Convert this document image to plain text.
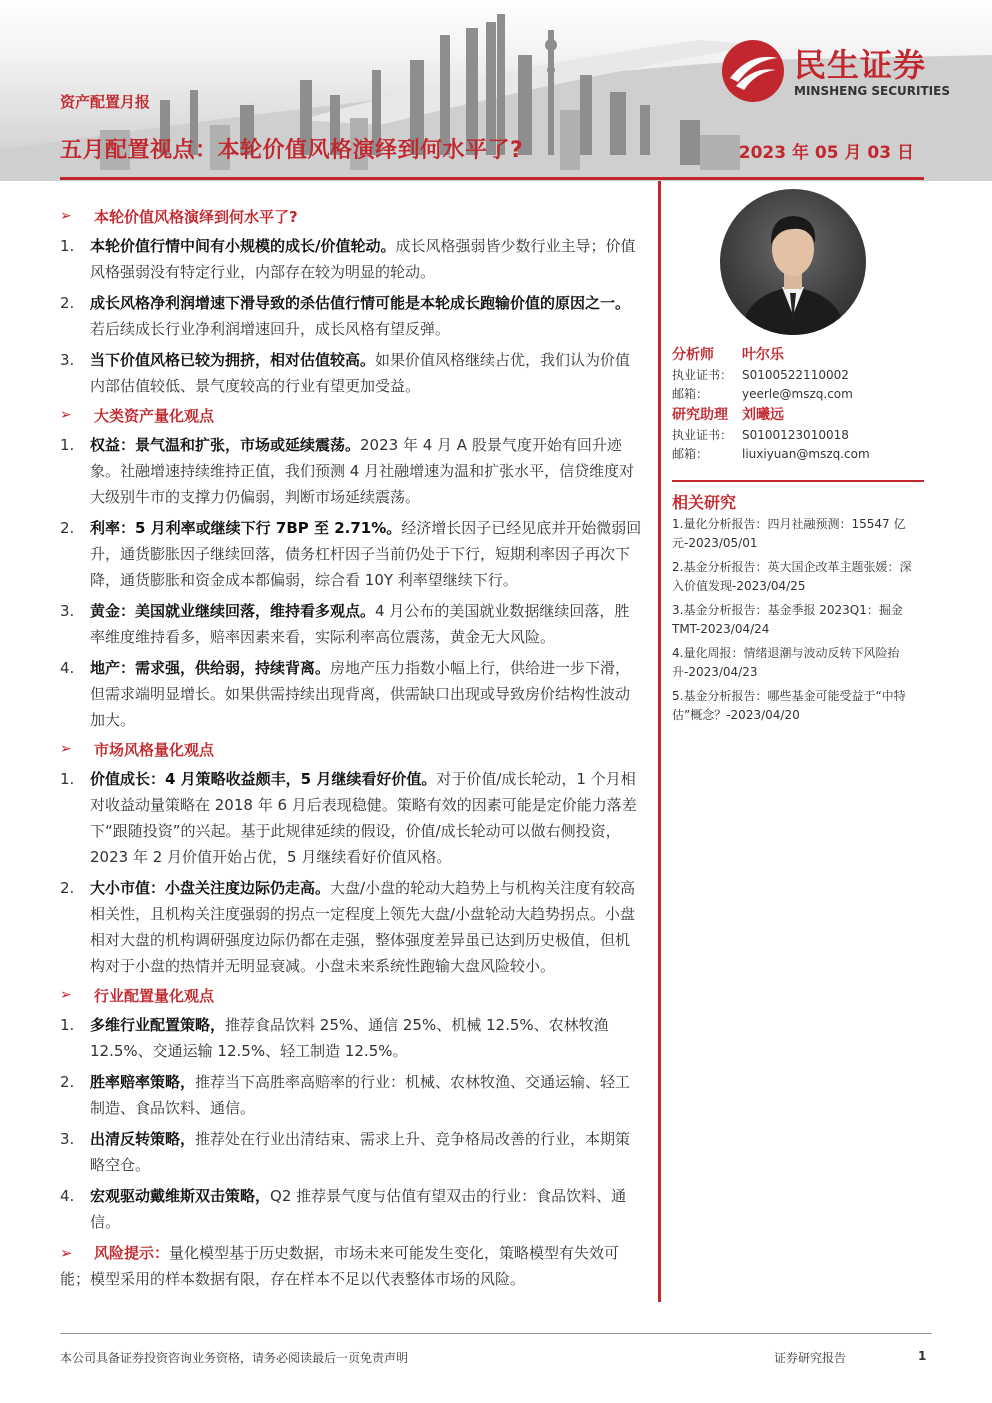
资产配置月报
五月配置视点：本轮价值风格演绎到何水平了?	2023 年 05 月 03 日
民生证券
MINSHENG SECURITIES
➢	本轮价值风格演绎到何水平了?
1.	本轮价值行情中间有小规模的成长/价值轮动。成长风格强弱皆少数行业主导；价值风格强弱没有特定行业，内部存在较为明显的轮动。
2.	成长风格净利润增速下滑导致的杀估值行情可能是本轮成长跑输价值的原因之一。若后续成长行业净利润增速回升，成长风格有望反弹。
3.	当下价值风格已较为拥挤，相对估值较高。如果价值风格继续占优，我们认为价值内部估值较低、景气度较高的行业有望更加受益。
➢	大类资产量化观点
1.	权益：景气温和扩张，市场或延续震荡。2023 年 4 月 A 股景气度开始有回升迹象。社融增速持续维持正值，我们预测 4 月社融增速为温和扩张水平，信贷维度对大级别牛市的支撑力仍偏弱，判断市场延续震荡。
2.	利率：5 月利率或继续下行 7BP 至 2.71%。经济增长因子已经见底并开始微弱回升，通货膨胀因子继续回落，债务杠杆因子当前仍处于下行，短期利率因子再次下降，通货膨胀和资金成本都偏弱，综合看 10Y 利率望继续下行。
3.	黄金：美国就业继续回落，维持看多观点。4 月公布的美国就业数据继续回落，胜率维度维持看多，赔率因素来看，实际利率高位震荡，黄金无大风险。
4.	地产：需求强，供给弱，持续背离。房地产压力指数小幅上行，供给进一步下滑，但需求端明显增长。如果供需持续出现背离，供需缺口出现或导致房价结构性波动加大。
➢	市场风格量化观点
1.	价值成长：4 月策略收益颇丰，5 月继续看好价值。对于价值/成长轮动，1 个月相对收益动量策略在 2018 年 6 月后表现稳健。策略有效的因素可能是定价能力落差下“跟随投资”的兴起。基于此规律延续的假设，价值/成长轮动可以做右侧投资，2023 年 2 月价值开始占优，5 月继续看好价值风格。
2.	大小市值：小盘关注度边际仍走高。大盘/小盘的轮动大趋势上与机构关注度有较高相关性，且机构关注度强弱的拐点一定程度上领先大盘/小盘轮动大趋势拐点。小盘相对大盘的机构调研强度边际仍都在走强，整体强度差异虽已达到历史极值，但机构对于小盘的热情并无明显衰减。小盘未来系统性跑输大盘风险较小。
➢	行业配置量化观点
1.	多维行业配置策略，推荐食品饮料 25%、通信 25%、机械 12.5%、农林牧渔 12.5%、交通运输 12.5%、轻工制造 12.5%。
2.	胜率赔率策略，推荐当下高胜率高赔率的行业：机械、农林牧渔、交通运输、轻工制造、食品饮料、通信。
3.	出清反转策略，推荐处在行业出清结束、需求上升、竞争格局改善的行业，本期策略空仓。
4.	宏观驱动戴维斯双击策略，Q2 推荐景气度与估值有望双击的行业：食品饮料、通信。
➢ 风险提示：量化模型基于历史数据，市场未来可能发生变化，策略模型有失效可能；模型采用的样本数据有限，存在样本不足以代表整体市场的风险。
分析师	叶尔乐
执业证书： S0100522110002
邮箱：	yeerle@mszq.com
研究助理	刘曦远
执业证书： S0100123010018
邮箱：	liuxiyuan@mszq.com
相关研究
1.量化分析报告：四月社融预测：15547 亿元-2023/05/01
2.基金分析报告：英大国企改革主题张媛：深入价值发现-2023/04/25
3.基金分析报告：基金季报 2023Q1：掘金 TMT-2023/04/24
4.量化周报：情绪退潮与波动反转下风险抬升-2023/04/23
5.基金分析报告：哪些基金可能受益于“中特估”概念？-2023/04/20
本公司具备证券投资咨询业务资格，请务必阅读最后一页免责声明	证券研究报告	1
